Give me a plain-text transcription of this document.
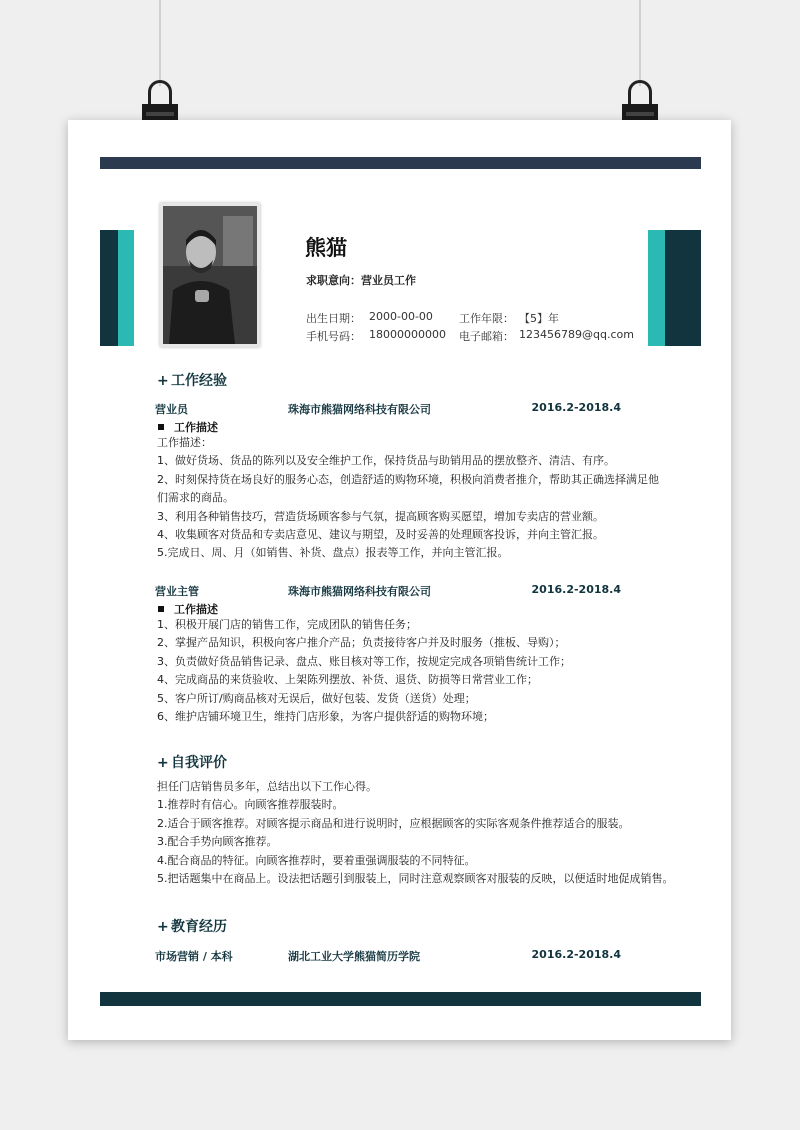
熊猫
求职意向：营业员工作
出生日期： 2000-00-00 工作年限： 【5】年
手机号码： 18000000000 电子邮箱： 123456789@qq.com
+ 工作经验
营业员	珠海市熊猫网络科技有限公司	2016.2-2018.4
工作描述
工作描述：
1、做好货场、货品的陈列以及安全维护工作，保持货品与助销用品的摆放整齐、清洁、有序。
2、时刻保持货在场良好的服务心态，创造舒适的购物环境，积极向消费者推介，帮助其正确选择满足他
们需求的商品。
3、利用各种销售技巧，营造货场顾客参与气氛，提高顾客购买愿望，增加专卖店的营业额。
4、收集顾客对货品和专卖店意见、建议与期望，及时妥善的处理顾客投诉，并向主管汇报。
5.完成日、周、月（如销售、补货、盘点）报表等工作，并向主管汇报。
营业主管	珠海市熊猫网络科技有限公司	2016.2-2018.4
工作描述
1、积极开展门店的销售工作，完成团队的销售任务；
2、掌握产品知识，积极向客户推介产品；负责接待客户并及时服务（推板、导购）；
3、负责做好货品销售记录、盘点、账目核对等工作，按规定完成各项销售统计工作；
4、完成商品的来货验收、上架陈列摆放、补货、退货、防损等日常营业工作；
5、客户所订/购商品核对无误后，做好包装、发货（送货）处理；
6、维护店铺环境卫生，维持门店形象，为客户提供舒适的购物环境；
+ 自我评价
担任门店销售员多年，总结出以下工作心得。
1.推荐时有信心。向顾客推荐服装时。
2.适合于顾客推荐。对顾客提示商品和进行说明时，应根据顾客的实际客观条件推荐适合的服装。
3.配合手势向顾客推荐。
4.配合商品的特征。向顾客推荐时，要着重强调服装的不同特征。
5.把话题集中在商品上。设法把话题引到服装上，同时注意观察顾客对服装的反映，以便适时地促成销售。
+ 教育经历
市场营销 / 本科	湖北工业大学熊猫简历学院	2016.2-2018.4
